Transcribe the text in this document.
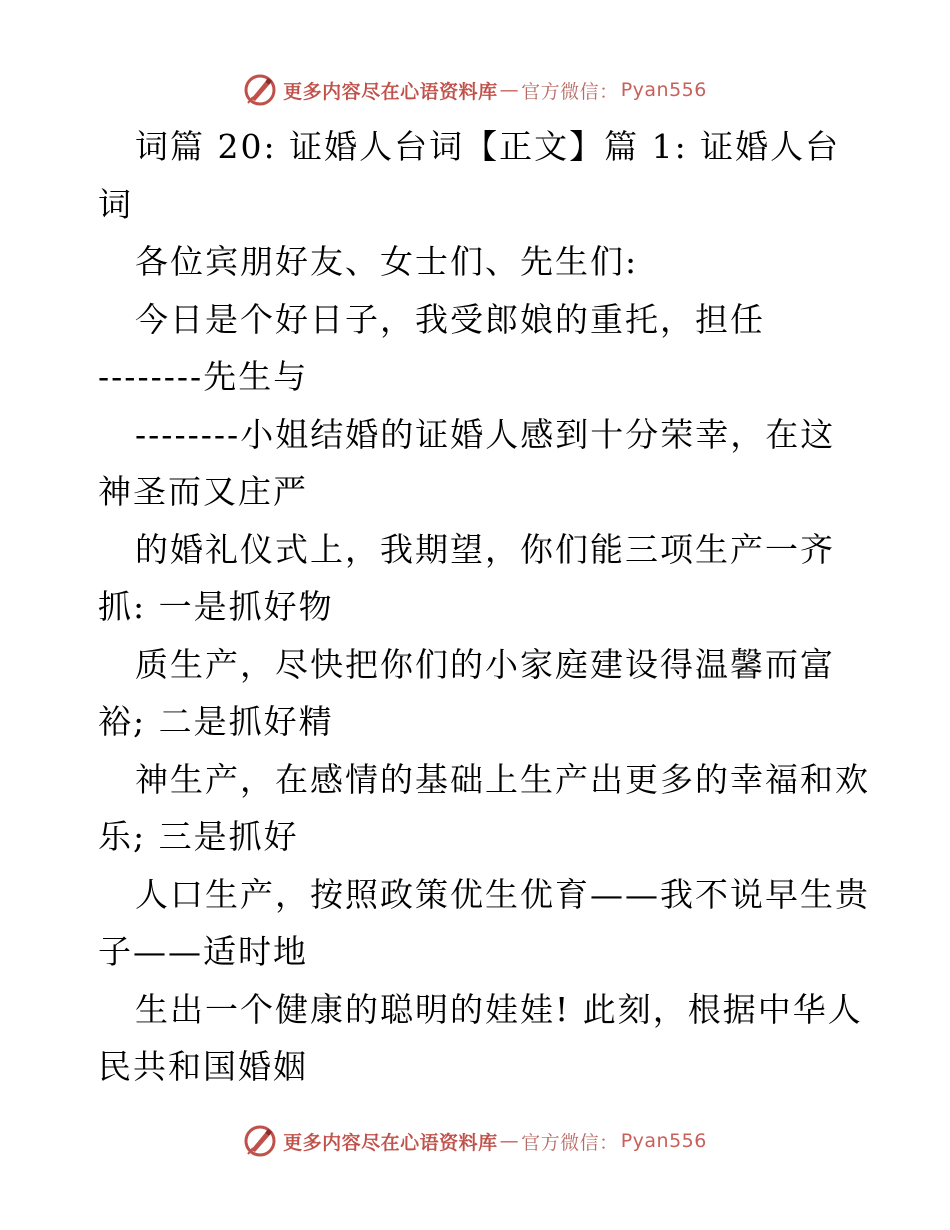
更多内容尽在心语资料库 — 官方微信： Pyan556

词篇 20: 证婚人台词【正文】篇 1: 证婚人台

词

各位宾朋好友、女士们、先生们:

今日是个好日子，我受郎娘的重托，担任

--------先生与

--------小姐结婚的证婚人感到十分荣幸，在这

神圣而又庄严

的婚礼仪式上，我期望，你们能三项生产一齐

抓: 一是抓好物

质生产，尽快把你们的小家庭建设得温馨而富

裕; 二是抓好精

神生产，在感情的基础上生产出更多的幸福和欢

乐; 三是抓好

人口生产，按照政策优生优育——我不说早生贵

子——适时地

生出一个健康的聪明的娃娃! 此刻，根据中华人

民共和国婚姻

更多内容尽在心语资料库 — 官方微信： Pyan556
